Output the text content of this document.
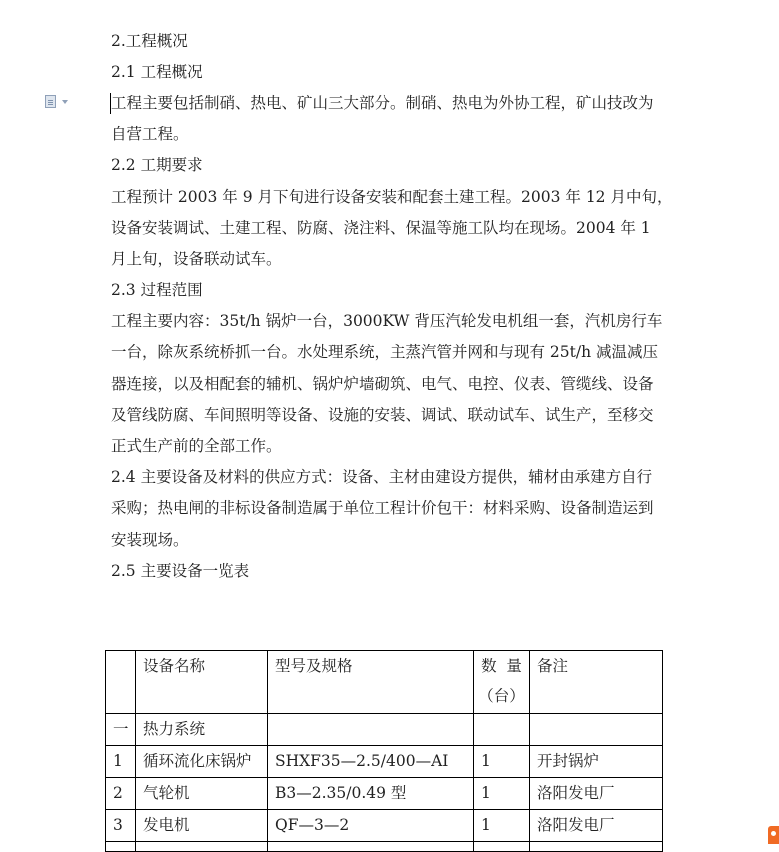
2.工程概况
2.1 工程概况
工程主要包括制硝、热电、矿山三大部分。制硝、热电为外协工程，矿山技改为
自营工程。
2.2 工期要求
工程预计 2003 年 9 月下旬进行设备安装和配套土建工程。2003 年 12 月中旬，
设备安装调试、土建工程、防腐、浇注料、保温等施工队均在现场。2004 年 1
月上旬，设备联动试车。
2.3 过程范围
工程主要内容：35t/h 锅炉一台，3000KW 背压汽轮发电机组一套，汽机房行车
一台，除灰系统桥抓一台。水处理系统，主蒸汽管并网和与现有 25t/h 减温减压
器连接，以及相配套的辅机、锅炉炉墙砌筑、电气、电控、仪表、管缆线、设备
及管线防腐、车间照明等设备、设施的安装、调试、联动试车、试生产，至移交
正式生产前的全部工作。
2.4 主要设备及材料的供应方式：设备、主材由建设方提供，辅材由承建方自行
采购；热电闸的非标设备制造属于单位工程计价包干：材料采购、设备制造运到
安装现场。
2.5 主要设备一览表
	设备名称	型号及规格	数  量
（台）	备注
一	热力系统			
1	循环流化床锅炉	SHXF35—2.5/400—AI	1	开封锅炉
2	气轮机	B3—2.35/0.49 型	1	洛阳发电厂
3	发电机	QF—3—2	1	洛阳发电厂
